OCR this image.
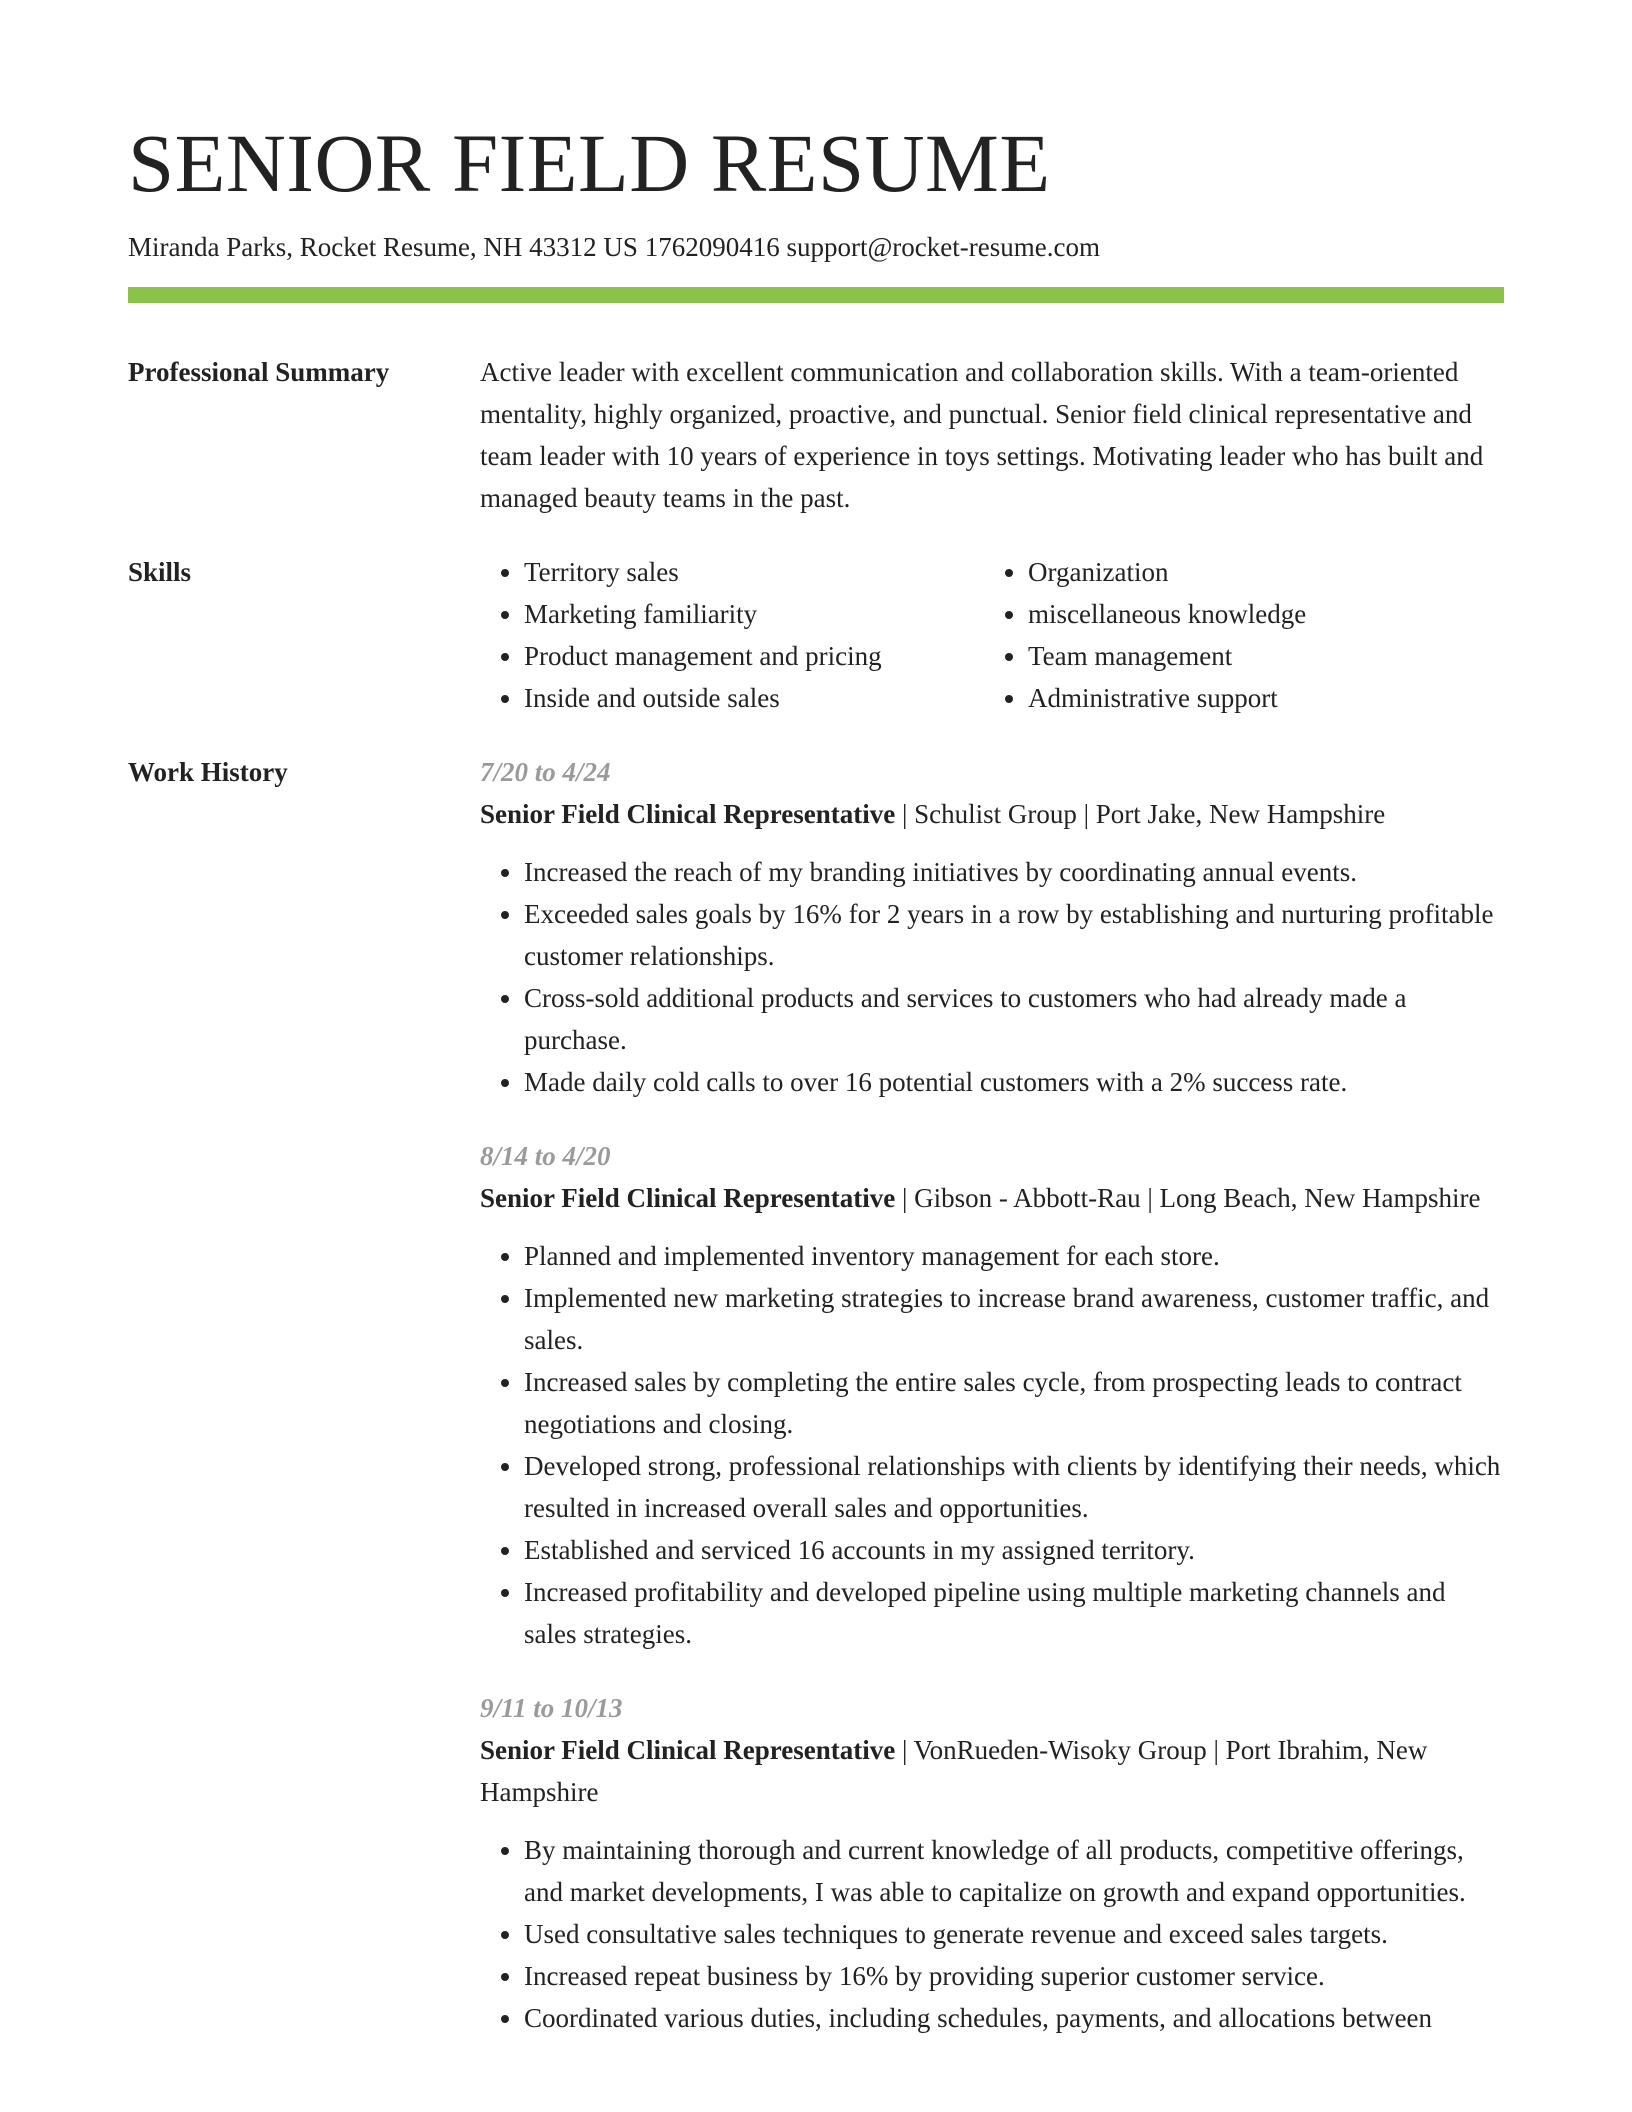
SENIOR FIELD RESUME
Miranda Parks, Rocket Resume, NH 43312 US 1762090416 support@rocket-resume.com
Professional Summary	Active leader with excellent communication and collaboration skills. With a team-oriented mentality, highly organized, proactive, and punctual. Senior field clinical representative and team leader with 10 years of experience in toys settings. Motivating leader who has built and managed beauty teams in the past.

Skills
•	Territory sales
• Marketing familiarity
• Product management and pricing
• Inside and outside sales
• Organization
• miscellaneous knowledge
• Team management
• Administrative support
Work History	7/20 to 4/24
Senior Field Clinical Representative | Schulist Group | Port Jake, New Hampshire
• Increased the reach of my branding initiatives by coordinating annual events.
• Exceeded sales goals by 16% for 2 years in a row by establishing and nurturing profitable customer relationships.
• Cross-sold additional products and services to customers who had already made a purchase.
• Made daily cold calls to over 16 potential customers with a 2% success rate.
8/14 to 4/20
Senior Field Clinical Representative | Gibson - Abbott-Rau | Long Beach, New Hampshire
• Planned and implemented inventory management for each store.
• Implemented new marketing strategies to increase brand awareness, customer traffic, and sales.
• Increased sales by completing the entire sales cycle, from prospecting leads to contract negotiations and closing.
• Developed strong, professional relationships with clients by identifying their needs, which resulted in increased overall sales and opportunities.
• Established and serviced 16 accounts in my assigned territory.
• Increased profitability and developed pipeline using multiple marketing channels and sales strategies.
9/11 to 10/13
Senior Field Clinical Representative | VonRueden-Wisoky Group | Port Ibrahim, New Hampshire
• By maintaining thorough and current knowledge of all products, competitive offerings, and market developments, I was able to capitalize on growth and expand opportunities.
• Used consultative sales techniques to generate revenue and exceed sales targets.
• Increased repeat business by 16% by providing superior customer service.
• Coordinated various duties, including schedules, payments, and allocations between
